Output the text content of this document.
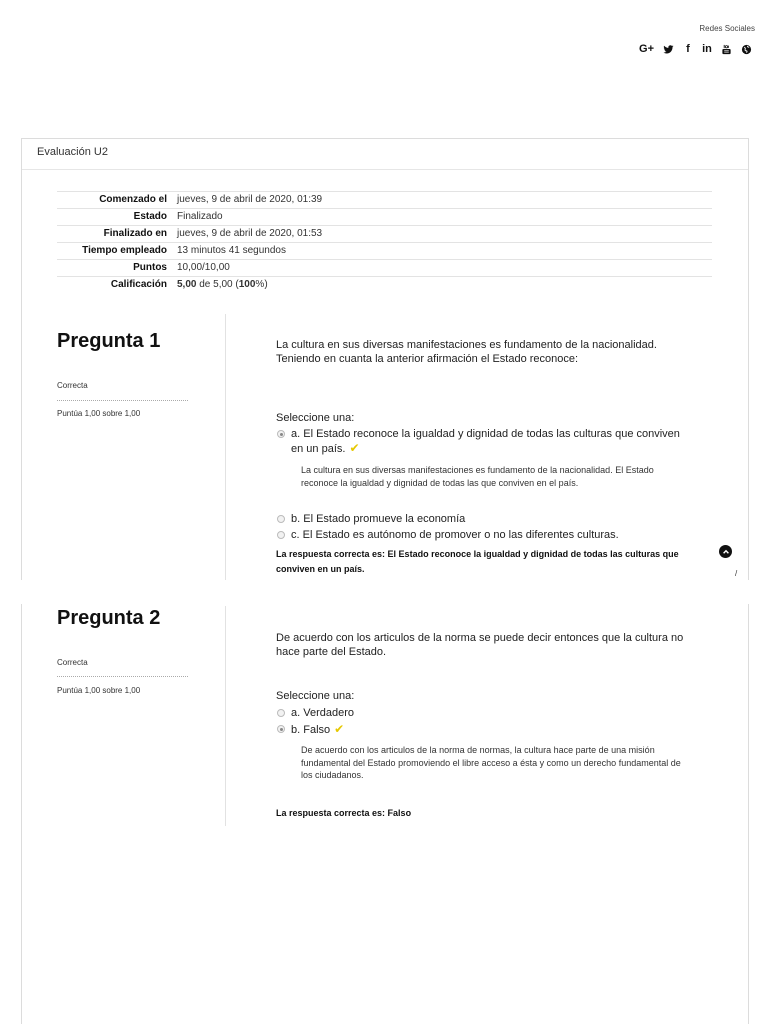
Redes Sociales
G+	f in
Evaluación U2
Comenzado el	jueves, 9 de abril de 2020, 01:39
Estado	Finalizado
Finalizado en	jueves, 9 de abril de 2020, 01:53
Tiempo empleado	13 minutos 41 segundos
Puntos	10,00/10,00
Calificación	5,00 de 5,00 (100%)
Pregunta 1
Correcta
Puntúa 1,00 sobre 1,00
La cultura en sus diversas manifestaciones es fundamento de la nacionalidad. Teniendo en cuanta la anterior afirmación el Estado reconoce:
Seleccione una:
a. El Estado reconoce la igualdad y dignidad de todas las culturas que conviven en un país. ✔
La cultura en sus diversas manifestaciones es fundamento de la nacionalidad. El Estado reconoce la igualdad y dignidad de todas las que conviven en el país.
b. El Estado promueve la economía
c. El Estado es autónomo de promover o no las diferentes culturas.
La respuesta correcta es: El Estado reconoce la igualdad y dignidad de todas las culturas que conviven en un país.	/
Pregunta 2
Correcta
Puntúa 1,00 sobre 1,00
De acuerdo con los articulos de la norma se puede decir entonces que la cultura no hace parte del Estado.
Seleccione una:
a. Verdadero
b. Falso ✔
De acuerdo con los articulos de la norma de normas, la cultura hace parte de una misión fundamental del Estado promoviendo el libre acceso a ésta y como un derecho fundamental de los ciudadanos.
La respuesta correcta es: Falso
